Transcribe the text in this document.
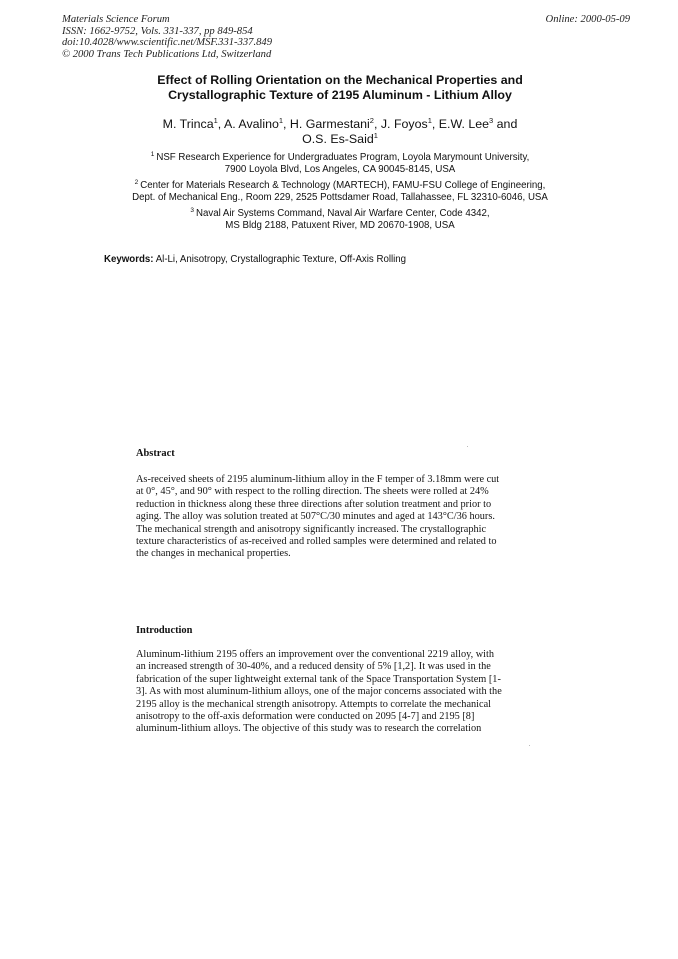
Materials Science Forum
ISSN: 1662-9752, Vols. 331-337, pp 849-854
doi:10.4028/www.scientific.net/MSF.331-337.849
© 2000 Trans Tech Publications Ltd, Switzerland
Online: 2000-05-09
Effect of Rolling Orientation on the Mechanical Properties and
Crystallographic Texture of 2195 Aluminum - Lithium Alloy
M. Trinca$^1$, A. Avalino$^1$, H. Garmestani$^2$, J. Foyos$^1$, E.W. Lee$^3$ and
O.S. Es-Said$^1$
$^1$ NSF Research Experience for Undergraduates Program, Loyola Marymount University,
7900 Loyola Blvd, Los Angeles, CA 90045-8145, USA
$^2$ Center for Materials Research & Technology (MARTECH), FAMU-FSU College of Engineering,
Dept. of Mechanical Eng., Room 229, 2525 Pottsdamer Road, Tallahassee, FL 32310-6046, USA
$^3$ Naval Air Systems Command, Naval Air Warfare Center, Code 4342,
MS Bldg 2188, Patuxent River, MD 20670-1908, USA
Keywords: Al-Li, Anisotropy, Crystallographic Texture, Off-Axis Rolling
Abstract
As-received sheets of 2195 aluminum-lithium alloy in the F temper of 3.18mm were cut
at 0°, 45°, and 90° with respect to the rolling direction. The sheets were rolled at 24%
reduction in thickness along these three directions after solution treatment and prior to
aging. The alloy was solution treated at 507°C/30 minutes and aged at 143°C/36 hours.
The mechanical strength and anisotropy significantly increased. The crystallographic
texture characteristics of as-received and rolled samples were determined and related to
the changes in mechanical properties.
Introduction
Aluminum-lithium 2195 offers an improvement over the conventional 2219 alloy, with
an increased strength of 30-40%, and a reduced density of 5% [1,2]. It was used in the
fabrication of the super lightweight external tank of the Space Transportation System [1-
3]. As with most aluminum-lithium alloys, one of the major concerns associated with the
2195 alloy is the mechanical strength anisotropy. Attempts to correlate the mechanical
anisotropy to the off-axis deformation were conducted on 2095 [4-7] and 2195 [8]
aluminum-lithium alloys. The objective of this study was to research the correlation
